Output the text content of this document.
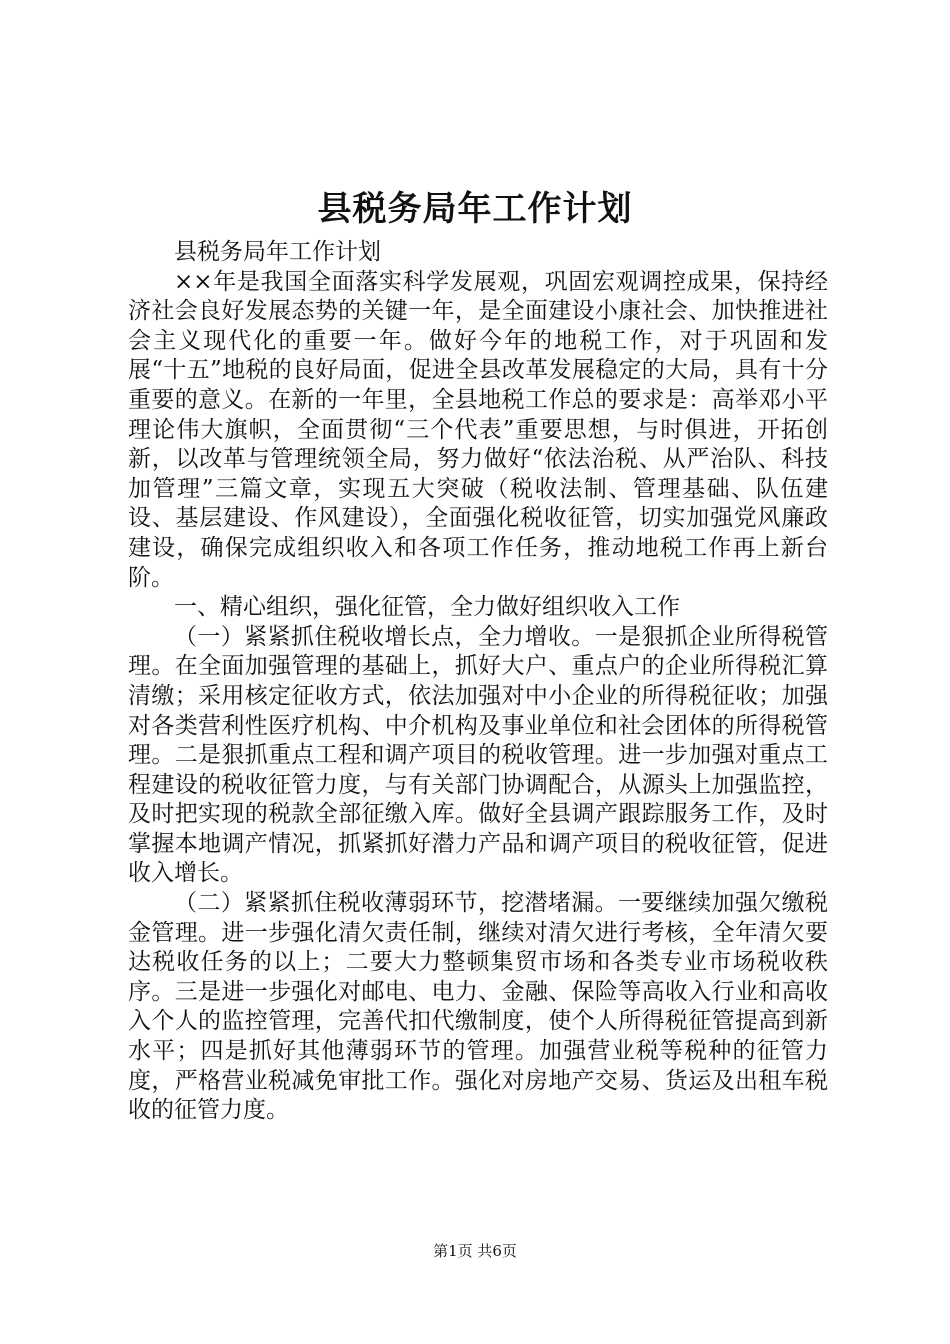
县税务局年工作计划

县税务局年工作计划

××年是我国全面落实科学发展观，巩固宏观调控成果，保持经济社会良好发展态势的关键一年，是全面建设小康社会、加快推进社会主义现代化的重要一年。做好今年的地税工作，对于巩固和发展“十五”地税的良好局面，促进全县改革发展稳定的大局，具有十分重要的意义。在新的一年里，全县地税工作总的要求是：高举邓小平理论伟大旗帜，全面贯彻“三个代表”重要思想，与时俱进，开拓创新，以改革与管理统领全局，努力做好“依法治税、从严治队、科技加管理”三篇文章，实现五大突破（税收法制、管理基础、队伍建设、基层建设、作风建设），全面强化税收征管，切实加强党风廉政建设，确保完成组织收入和各项工作任务，推动地税工作再上新台阶。

一、精心组织，强化征管，全力做好组织收入工作

（一）紧紧抓住税收增长点，全力增收。一是狠抓企业所得税管理。在全面加强管理的基础上，抓好大户、重点户的企业所得税汇算清缴；采用核定征收方式，依法加强对中小企业的所得税征收；加强对各类营利性医疗机构、中介机构及事业单位和社会团体的所得税管理。二是狠抓重点工程和调产项目的税收管理。进一步加强对重点工程建设的税收征管力度，与有关部门协调配合，从源头上加强监控，及时把实现的税款全部征缴入库。做好全县调产跟踪服务工作，及时掌握本地调产情况，抓紧抓好潜力产品和调产项目的税收征管，促进收入增长。

（二）紧紧抓住税收薄弱环节，挖潜堵漏。一要继续加强欠缴税金管理。进一步强化清欠责任制，继续对清欠进行考核，全年清欠要达税收任务的以上；二要大力整顿集贸市场和各类专业市场税收秩序。三是进一步强化对邮电、电力、金融、保险等高收入行业和高收入个人的监控管理，完善代扣代缴制度，使个人所得税征管提高到新水平；四是抓好其他薄弱环节的管理。加强营业税等税种的征管力度，严格营业税减免审批工作。强化对房地产交易、货运及出租车税收的征管力度。

第1页 共6页
